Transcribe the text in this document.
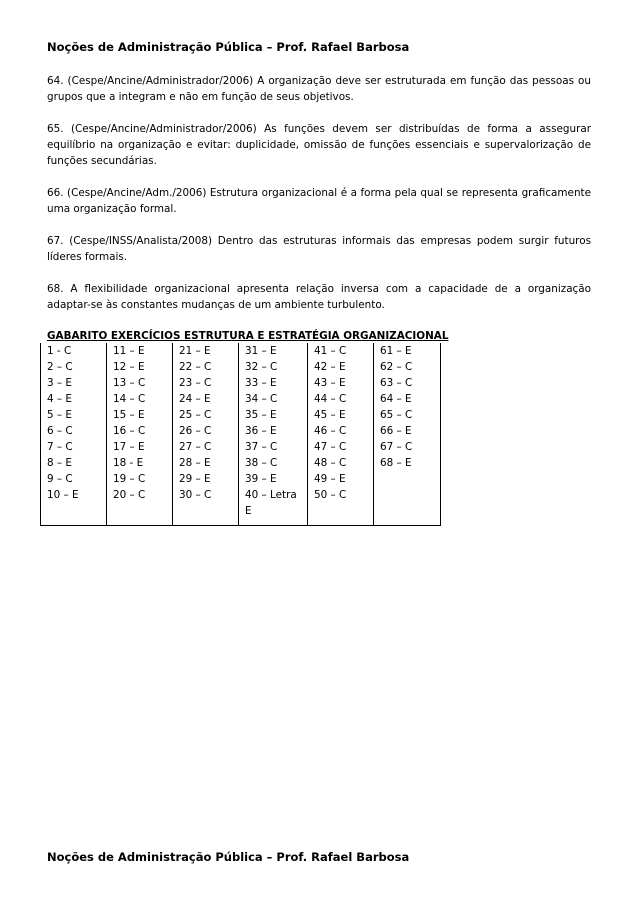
Noções de Administração Pública – Prof. Rafael Barbosa

64. (Cespe/Ancine/Administrador/2006) A organização deve ser estruturada em função das pessoas ou grupos que a integram e não em função de seus objetivos.

65. (Cespe/Ancine/Administrador/2006) As funções devem ser distribuídas de forma a assegurar equilíbrio na organização e evitar: duplicidade, omissão de funções essenciais e supervalorização de funções secundárias.

66. (Cespe/Ancine/Adm./2006) Estrutura organizacional é a forma pela qual se representa graficamente uma organização formal.

67. (Cespe/INSS/Analista/2008) Dentro das estruturas informais das empresas podem surgir futuros líderes formais.

68. A flexibilidade organizacional apresenta relação inversa com a capacidade de a organização adaptar-se às constantes mudanças de um ambiente turbulento.

GABARITO EXERCÍCIOS ESTRUTURA E ESTRATÉGIA ORGANIZACIONAL

1 - C
2 – C
3 – E
4 – E
5 – E
6 – C
7 – C
8 – E
9 – C
10 – E

11 – E
12 – E
13 – C
14 – C
15 – E
16 – C
17 – E
18 - E
19 – C
20 – C

21 – E
22 – C
23 – C
24 – E
25 – C
26 – C
27 – C
28 – E
29 – E
30 – C

31 – E
32 – C
33 – E
34 – C
35 – E
36 – E
37 – C
38 – C
39 – E
40 – Letra
E

41 – C
42 – E
43 – E
44 – C
45 – E
46 – C
47 – C
48 – C
49 – E
50 – C

61 – E
62 – C
63 – C
64 – E
65 – C
66 – E
67 – C
68 – E
Noções de Administração Pública – Prof. Rafael Barbosa
